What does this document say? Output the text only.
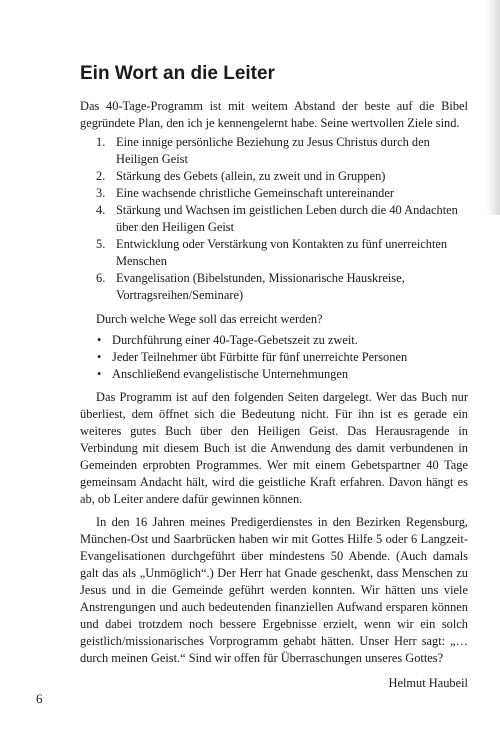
Ein Wort an die Leiter

Das 40-Tage-Programm ist mit weitem Abstand der beste auf die Bibel gegründete Plan, den ich je kennengelernt habe. Seine wertvollen Ziele sind.

1. Eine innige persönliche Beziehung zu Jesus Christus durch den Heiligen Geist
2. Stärkung des Gebets (allein, zu zweit und in Gruppen)
3. Eine wachsende christliche Gemeinschaft untereinander
4. Stärkung und Wachsen im geistlichen Leben durch die 40 Andachten über den Heiligen Geist
5. Entwicklung oder Verstärkung von Kontakten zu fünf unerreichten Menschen
6. Evangelisation (Bibelstunden, Missionarische Hauskreise, Vortragsreihen/Seminare)

Durch welche Wege soll das erreicht werden?

• Durchführung einer 40-Tage-Gebetszeit zu zweit.
• Jeder Teilnehmer übt Fürbitte für fünf unerreichte Personen
• Anschließend evangelistische Unternehmungen

Das Programm ist auf den folgenden Seiten dargelegt. Wer das Buch nur überliest, dem öffnet sich die Bedeutung nicht. Für ihn ist es gerade ein weiteres gutes Buch über den Heiligen Geist. Das Herausragende in Verbindung mit diesem Buch ist die Anwendung des damit verbundenen in Gemeinden erprobten Programmes. Wer mit einem Gebetspartner 40 Tage gemeinsam Andacht hält, wird die geistliche Kraft erfahren. Davon hängt es ab, ob Leiter andere dafür gewinnen können.

In den 16 Jahren meines Predigerdienstes in den Bezirken Regensburg, München-Ost und Saarbrücken haben wir mit Gottes Hilfe 5 oder 6 Langzeit-Evangelisationen durchgeführt über mindestens 50 Abende. (Auch damals galt das als „Unmöglich“.) Der Herr hat Gnade geschenkt, dass Menschen zu Jesus und in die Gemeinde geführt werden konnten. Wir hätten uns viele Anstrengungen und auch bedeutenden finanziellen Aufwand ersparen können und dabei trotzdem noch bessere Ergebnisse erzielt, wenn wir ein solch geistlich/missionarisches Vorprogramm gehabt hätten. Unser Herr sagt: „…durch meinen Geist.“ Sind wir offen für Überraschungen unseres Gottes?

Helmut Haubeil

6
